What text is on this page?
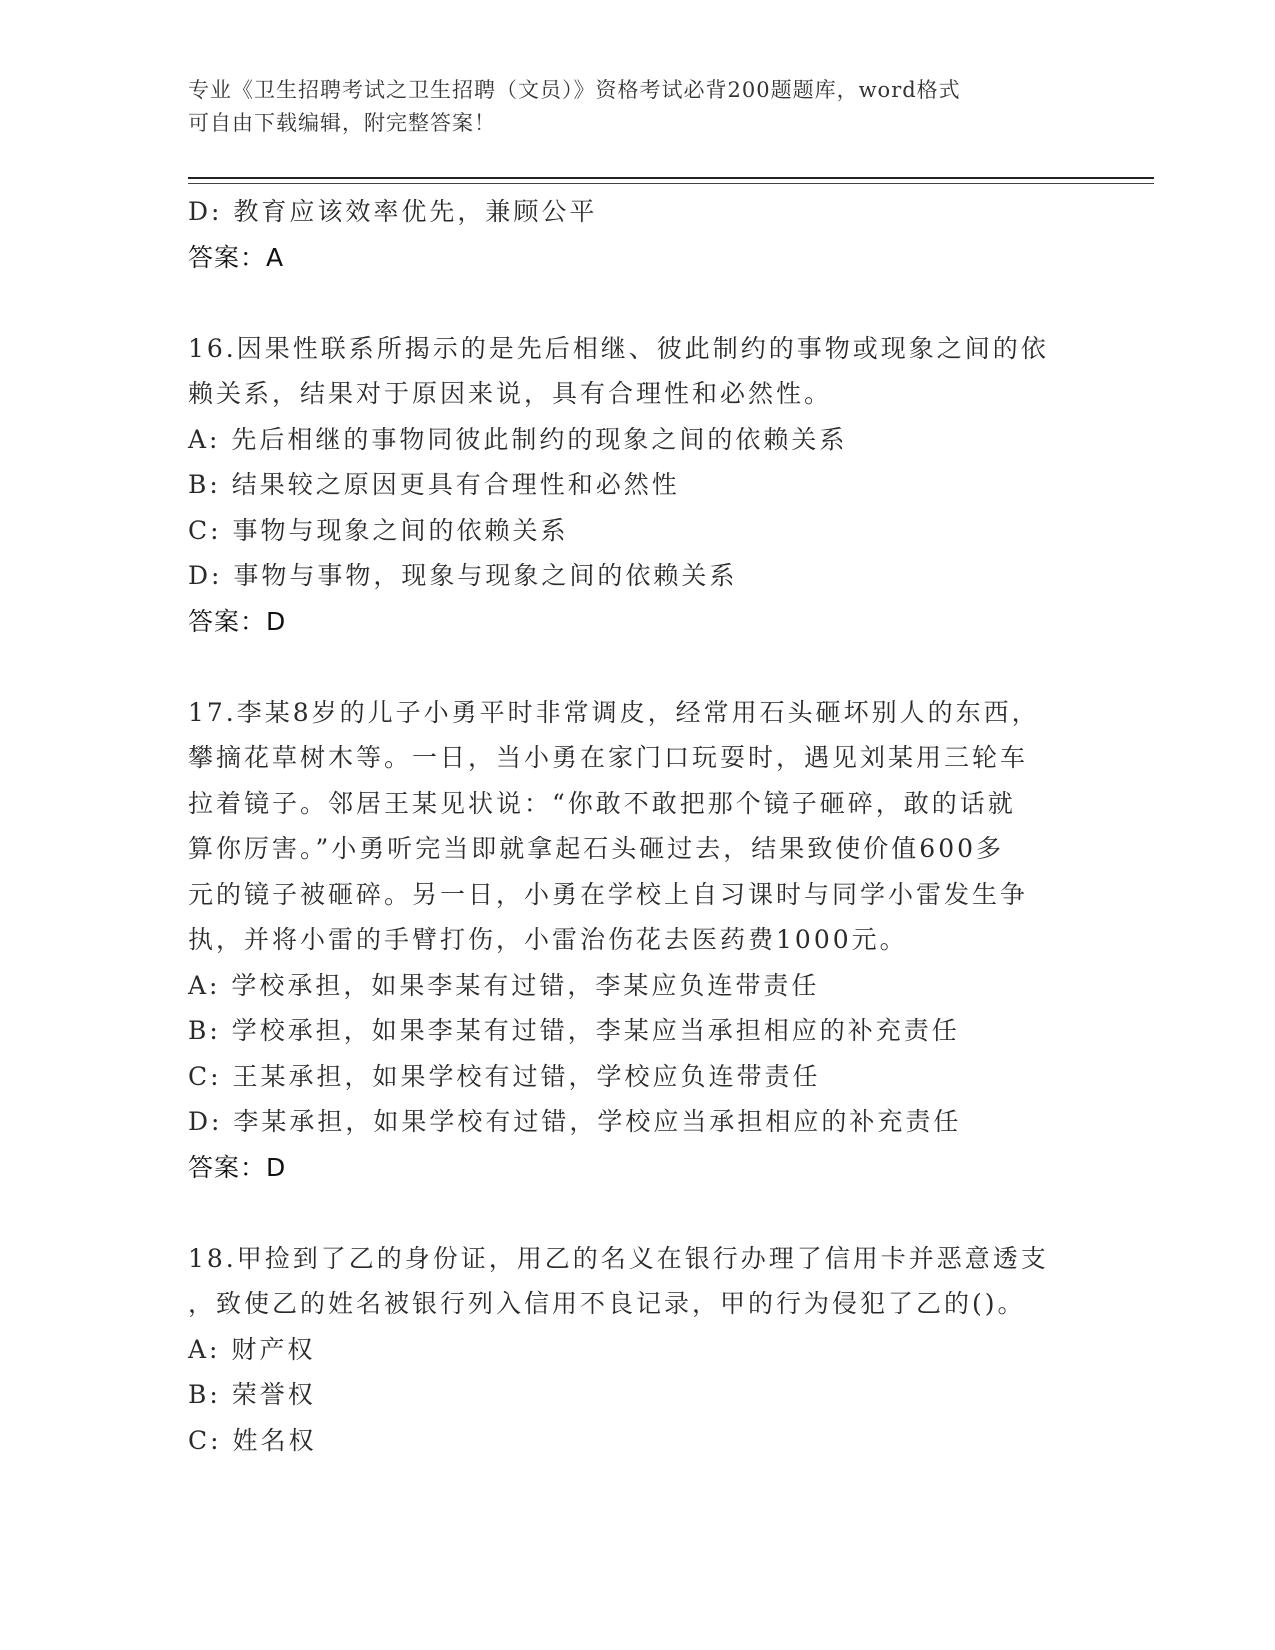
专业《卫生招聘考试之卫生招聘（文员）》资格考试必背200题题库，word格式
可自由下载编辑，附完整答案！
D: 教育应该效率优先，兼顾公平
答案：A
16.因果性联系所揭示的是先后相继、彼此制约的事物或现象之间的依
赖关系，结果对于原因来说，具有合理性和必然性。
A: 先后相继的事物同彼此制约的现象之间的依赖关系
B: 结果较之原因更具有合理性和必然性
C: 事物与现象之间的依赖关系
D: 事物与事物，现象与现象之间的依赖关系
答案：D
17.李某8岁的儿子小勇平时非常调皮，经常用石头砸坏别人的东西，
攀摘花草树木等。一日，当小勇在家门口玩耍时，遇见刘某用三轮车
拉着镜子。邻居王某见状说：“你敢不敢把那个镜子砸碎，敢的话就
算你厉害。”小勇听完当即就拿起石头砸过去，结果致使价值600多
元的镜子被砸碎。另一日，小勇在学校上自习课时与同学小雷发生争
执，并将小雷的手臂打伤，小雷治伤花去医药费1000元。
A: 学校承担，如果李某有过错，李某应负连带责任
B: 学校承担，如果李某有过错，李某应当承担相应的补充责任
C: 王某承担，如果学校有过错，学校应负连带责任
D: 李某承担，如果学校有过错，学校应当承担相应的补充责任
答案：D
18.甲捡到了乙的身份证，用乙的名义在银行办理了信用卡并恶意透支
，致使乙的姓名被银行列入信用不良记录，甲的行为侵犯了乙的()。
A: 财产权
B: 荣誉权
C: 姓名权
